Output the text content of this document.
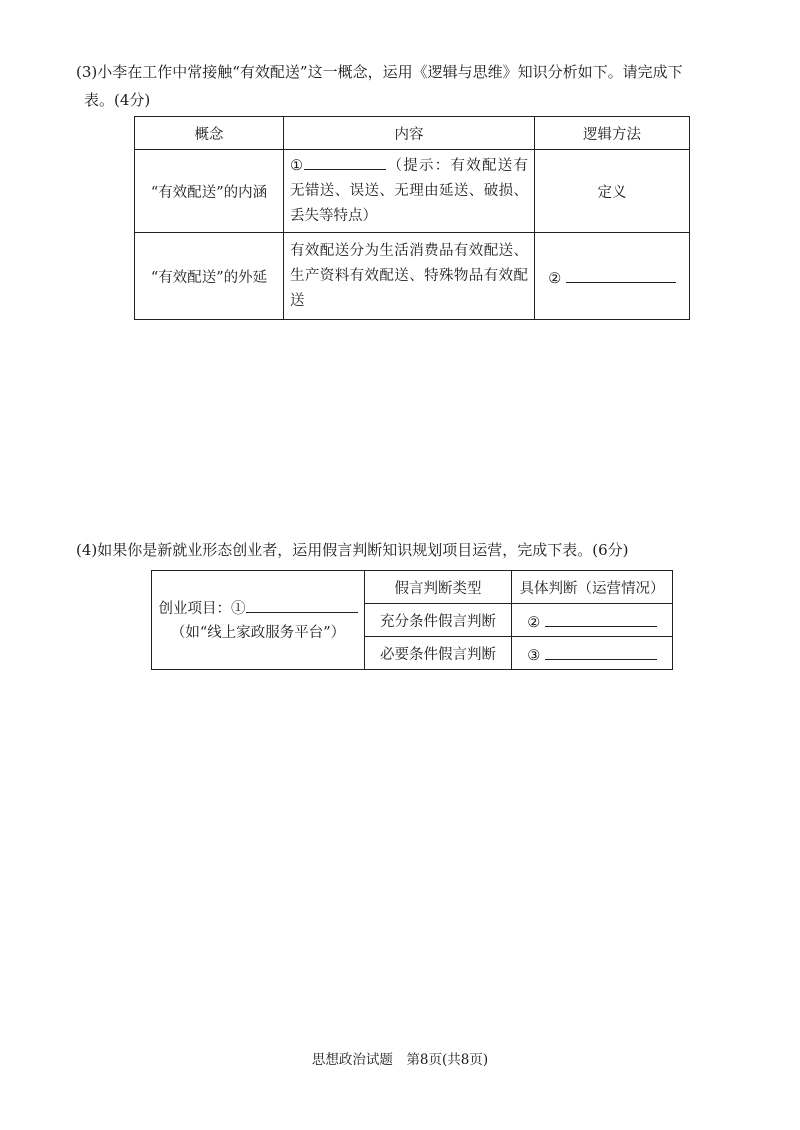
(3)小李在工作中常接触“有效配送”这一概念，运用《逻辑与思维》知识分析如下。请完成下
表。(4分)
概念	内容	逻辑方法
“有效配送”的内涵	① （提示：有效配送有无错送、误送、无理由延送、破损、丢失等特点）	定义
“有效配送”的外延	有效配送分为生活消费品有效配送、生产资料有效配送、特殊物品有效配送	②
(4)如果你是新就业形态创业者，运用假言判断知识规划项目运营，完成下表。(6分)
创业项目：①
（如“线上家政服务平台”）	假言判断类型	具体判断（运营情况）
	充分条件假言判断	②
	必要条件假言判断	③
思想政治试题　第8页(共8页)
